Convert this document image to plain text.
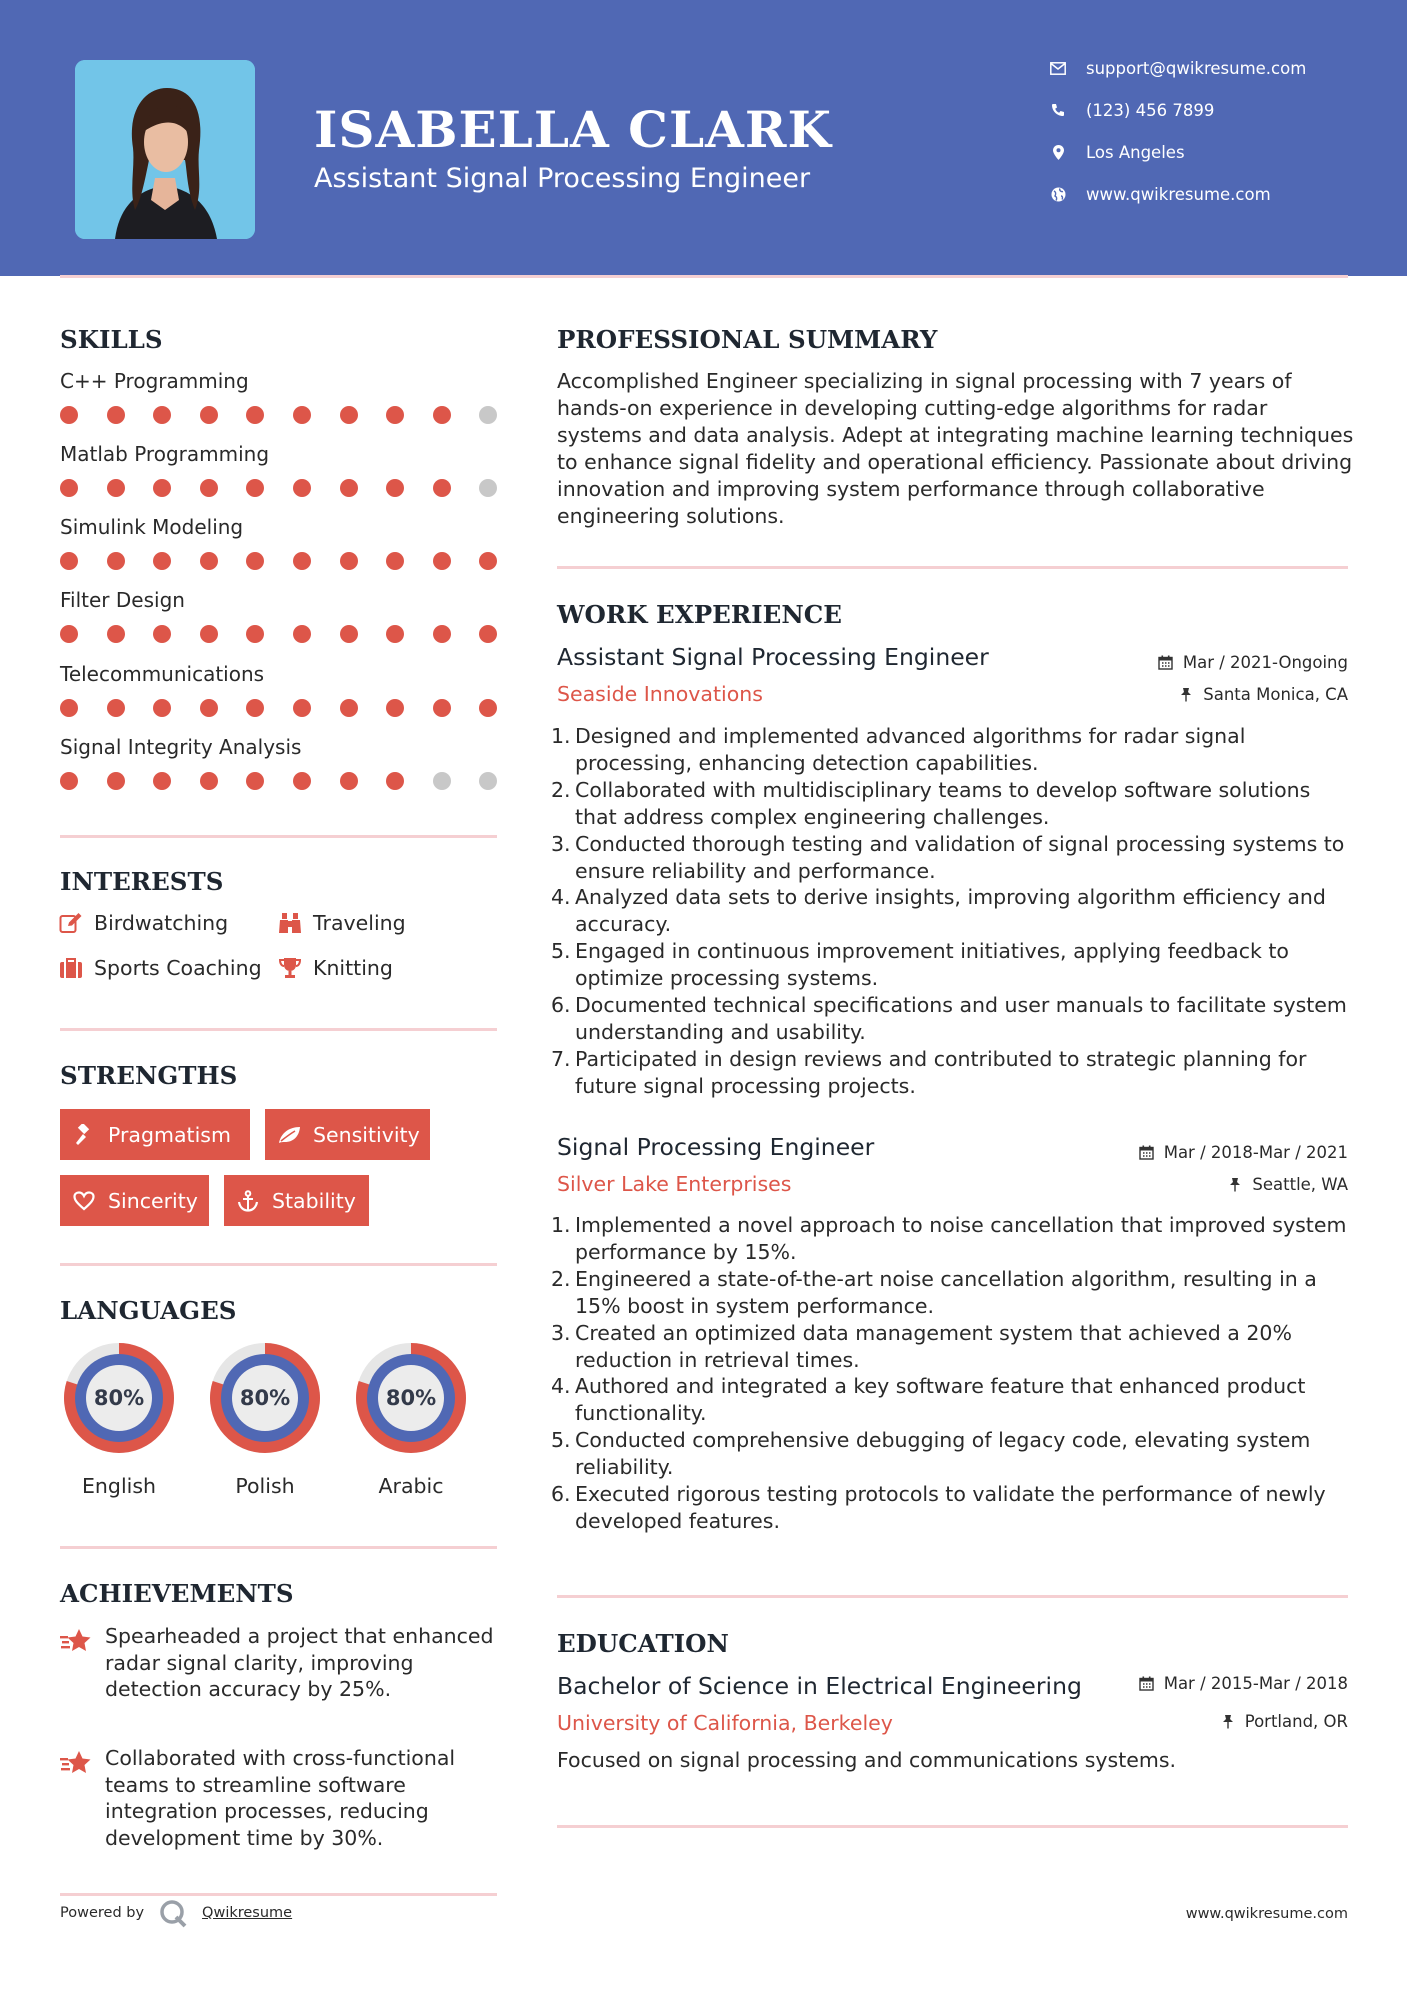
ISABELLA CLARK
Assistant Signal Processing Engineer
support@qwikresume.com
(123) 456 7899
Los Angeles
www.qwikresume.com
SKILLS
C++ Programming
Matlab Programming
Simulink Modeling
Filter Design
Telecommunications
Signal Integrity Analysis
INTERESTS
Birdwatching	Traveling
Sports Coaching	Knitting
STRENGTHS
Pragmatism	Sensitivity
Sincerity	Stability
LANGUAGES
80%	80%	80%
English	Polish	Arabic
ACHIEVEMENTS
Spearheaded a project that enhanced radar signal clarity, improving detection accuracy by 25%.
Collaborated with cross-functional teams to streamline software integration processes, reducing development time by 30%.
Powered by	Qwikresume	www.qwikresume.com
PROFESSIONAL SUMMARY
Accomplished Engineer specializing in signal processing with 7 years of hands-on experience in developing cutting-edge algorithms for radar systems and data analysis. Adept at integrating machine learning techniques to enhance signal fidelity and operational efficiency. Passionate about driving innovation and improving system performance through collaborative engineering solutions.
WORK EXPERIENCE
Assistant Signal Processing Engineer	Mar / 2021-Ongoing
Seaside Innovations	Santa Monica, CA
1. Designed and implemented advanced algorithms for radar signal processing, enhancing detection capabilities.
2. Collaborated with multidisciplinary teams to develop software solutions that address complex engineering challenges.
3. Conducted thorough testing and validation of signal processing systems to ensure reliability and performance.
4. Analyzed data sets to derive insights, improving algorithm efficiency and accuracy.
5. Engaged in continuous improvement initiatives, applying feedback to optimize processing systems.
6. Documented technical specifications and user manuals to facilitate system understanding and usability.
7. Participated in design reviews and contributed to strategic planning for future signal processing projects.
Signal Processing Engineer	Mar / 2018-Mar / 2021
Silver Lake Enterprises	Seattle, WA
1. Implemented a novel approach to noise cancellation that improved system performance by 15%.
2. Engineered a state-of-the-art noise cancellation algorithm, resulting in a 15% boost in system performance.
3. Created an optimized data management system that achieved a 20% reduction in retrieval times.
4. Authored and integrated a key software feature that enhanced product functionality.
5. Conducted comprehensive debugging of legacy code, elevating system reliability.
6. Executed rigorous testing protocols to validate the performance of newly developed features.
EDUCATION
Bachelor of Science in Electrical Engineering	Mar / 2015-Mar / 2018
University of California, Berkeley	Portland, OR
Focused on signal processing and communications systems.
